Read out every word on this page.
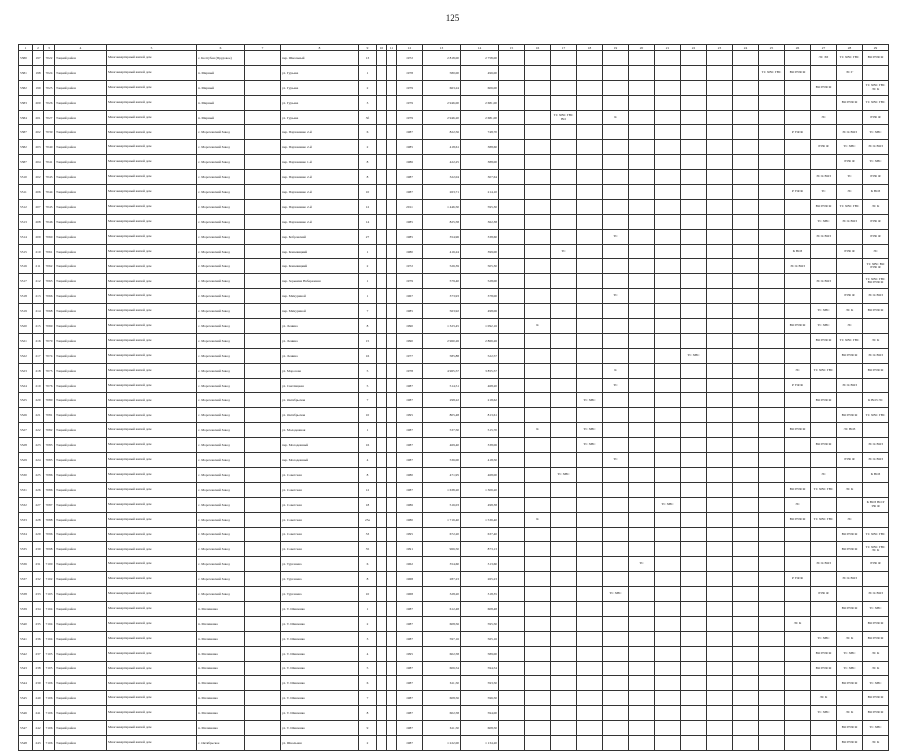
125
1	2	3	4	5	6	7	8	9	10	11	12	13	14	15	16	17	18	19	20	21	22	23	24	25	26	27	28	29
5580	197	7022	Тоцкий район	Многоквартирный жилой дом	с. Колтубан (Прудовое)		пер. Школьный	13			1972	2 818,00	2 758,00													ЭС ЭЛ	ТС ХВС ГВС	ВО РУФ Ф
5581	198	7024	Тоцкий район	Многоквартирный жилой дом	п. Мирный		ул. Гурьева	1			1978	580,00	496,00											ТС ХВС ГВС	ВО РУФ Ф		ЭС Г	
5582	199	7025	Тоцкий район	Многоквартирный жилой дом	п. Мирный		ул. Гурьева	2			1979	663,24	606,00													ВО РУФ Ф		ТС ХВС ГВС ЭС К
5583	200	7026	Тоцкий район	Многоквартирный жилой дом	п. Мирный		ул. Гурьева	3			1979	2 946,00	2 681,00														ВО РУФ Ф	ТС ХВС ГВС
5584	201	7027	Тоцкий район	Многоквартирный жилой дом	п. Мирный		ул. Гурьева	3б			1979	2 946,20	2 681,00			ТС ХВС ГВС ВО		К								ЭС		РУФ Ф
5587	202	7039	Тоцкий район	Многоквартирный жилой дом	с. Мороховский Завод		пер. Пархоменко 2-й	6			1987	822,56	748,70												Р УФ Ф		ЭС К ВОЗ	ТС ХВС
5582	203	7040	Тоцкий район	Многоквартирный жилой дом	с. Мороховский Завод		пер. Пархоменко 2-й	2			1985	418,61	388,60													РУФ Ф	ТС ХВС	ЭС К ВОЗ
5587	204	7041	Тоцкий район	Многоквартирный жилой дом	с. Мороховский Завод		пер. Пархоменко 1-й	8			1986	422,25	388,00														РУФ Ф	ТС ХВС
5510	202	7043	Тоцкий район	Многоквартирный жилой дом	с. Мороховский Завод		пер. Пархоменко 2-й	8			1987	322,04	307,64													ЭС К ВОЗ	ТС	РУФ Ф
5511	206	7044	Тоцкий район	Многоквартирный жилой дом	с. Мороховский Завод		пер. Пархоменко 2-й	10			1987	263,71	214,10												Р УФ Ф	ТС	ЭС	К ВОЗ
5512	207	7045	Тоцкий район	Многоквартирный жилой дом	с. Мороховский Завод		пер. Пархоменко 2-й	12			2011	1 446,50	595,30													ВО РУФ Ф	ТС ХВС ГВС	ЭС К
5513	208	7046	Тоцкий район	Многоквартирный жилой дом	с. Мороховский Завод		пер. Пархоменко 2-й	14			1985	825,58	362,38													ТС ХВС	ЭС К ВОЗ	РУФ Ф
5514	209	7060	Тоцкий район	Многоквартирный жилой дом	с. Мороховский Завод		пер. Бобровский	27			1985	354,96	338,60					ТС								ЭС К ВОЗ		РУФ Ф
5515	210	7061	Тоцкий район	Многоквартирный жилой дом	с. Мороховский Завод		пер. Кошевицкий	1			1980	416,24	399,00			ТС									К ВОЗ		РУФ Ф	ЭС
5516	211	7062	Тоцкий район	Многоквартирный жилой дом	с. Мороховский Завод		пер. Кошевицкий	2			1972	526,39	505,30												ЭС К ВОЗ			ТС ХВС ВО РУФ Ф
5517	212	7063	Тоцкий район	Многоквартирный жилой дом	с. Мороховский Завод		пер. Зорькина Набережная	1			1979	579,40	528,00													ЭС К ВОЗ		ТС ХВС ГВС ВО РУФ Ф
5518	213	7066	Тоцкий район	Многоквартирный жилой дом	с. Мороховский Завод		пер. Мичуриной	1			1967	373,93	378,00					ТС									РУФ Ф	ЭС К ВОЗ
5519	214	7068	Тоцкий район	Многоквартирный жилой дом	с. Мороховский Завод		пер. Мичуриной	7			1985	563,92	498,06													ТС ХВС	ЭС К	ВО РУФ Ф
5520	215	7069	Тоцкий район	Многоквартирный жилой дом	с. Мороховский Завод		ул. Ленина	8			1990	1 323,45	1 092,16		К										ВО РУФ Ф	ТС ХВС	ЭС	
5521	216	7070	Тоцкий район	Многоквартирный жилой дом	с. Мороховский Завод		ул. Ленина	15			1990	2 960,26	2 869,26													ВО РУФ Ф	ТС ХВС ГВС	ЭС К
5522	217	7074	Тоцкий район	Многоквартирный жилой дом	с. Мороховский Завод		ул. Ленина	16			1977	585,88	522,57								ТС ХВС						ВО РУФ Ф	ЭС К ВОЗ
5523	218	7075	Тоцкий район	Многоквартирный жилой дом	с. Мороховский Завод		ул. Морозова	5			1978	4 965,57	3 855,57					К							ЭС	ТС ХВС ГВС		ВО РУФ Ф
5524	219	7076	Тоцкий район	Многоквартирный жилой дом	с. Мороховский Завод		ул. Светлицкая	5			1987	514,51	468,20					ТС							Р УФ Ф		ЭС К ВОЗ	
5525	220	7080	Тоцкий район	Многоквартирный жилой дом	с. Мороховский Завод		ул. Октябрьская	7			1987	298,22	218,62				ТС ХВС									ВО РУФ Ф		К ВОЗ ЭС
5526	221	7081	Тоцкий район	Многоквартирный жилой дом	с. Мороховский Завод		ул. Октябрьская	10			1995	805,48	813,61														ВО РУФ Ф	ТС ХВС ГВС
5527	222	7082	Тоцкий район	Многоквартирный жилой дом	с. Мороховский Завод		ул. Молодежная	1			1987	537,50	515,70		К		ТС ХВС								ВО РУФ Ф		ЭС ВОЗ	
5528	223	7083	Тоцкий район	Многоквартирный жилой дом	с. Мороховский Завод		пер. Молодежный	16			1987	469,40	338,06				ТС ХВС									ВО РУФ Ф		ЭС К ВОЗ
5529	224	7085	Тоцкий район	Многоквартирный жилой дом	с. Мороховский Завод		пер. Молодежный	4			1987	536,00	418,50					ТС									РУФ Ф	ЭС К ВОЗ
5530	225	7086	Тоцкий район	Многоквартирный жилой дом	с. Мороховский Завод		ул. Советская	8			1980	471,95	468,00			ТС ХВС										ЭС		К ВОЗ
5531	226	7086	Тоцкий район	Многоквартирный жилой дом	с. Мороховский Завод		ул. Советская	12			1987	1 638,20	1 309,20												ВО РУФ Ф	ТС ХВС ГВС	ЭС К	
5532	227	7087	Тоцкий район	Многоквартирный жилой дом	с. Мороховский Завод		ул. Советская	18			1986	516,03	498,38							ТС ХВС					ЭС			К ВОЗ ВО Р УФ Ф
5533	228	7088	Тоцкий район	Многоквартирный жилой дом	с. Мороховский Завод		ул. Советская	25а			1980	1 719,40	1 539,40		К										ВО РУФ Ф	ТС ХВС ГВС	ЭС	
5534	229	7096	Тоцкий район	Многоквартирный жилой дом	с. Мороховский Завод		ул. Советская	33			1995	672,20	637,40														ВО РУФ Ф	ТС ХВС ГВС
5535	230	7098	Тоцкий район	Многоквартирный жилой дом	с. Мороховский Завод		ул. Советская	35			1991	966,50	873,13														ВО РУФ Ф	ТС ХВС ГВС ЭС К
5536	231	7100	Тоцкий район	Многоквартирный жилой дом	с. Мороховский Завод		ул. Тургенева	6			1962	354,60	313,60						ТС							ЭС К ВОЗ		РУФ Ф
5537	232	7102	Тоцкий район	Многоквартирный жилой дом	с. Мороховский Завод		ул. Тургенева	8			1968	287,23	265,23												Р УФ Ф		ЭС К ВОЗ	
5538	233	7103	Тоцкий район	Многоквартирный жилой дом	с. Мороховский Завод		ул. Тургенева	10			1968	328,20	318,35					ТС ХВС								РУФ Ф		ЭС К ВОЗ
5539	234	7104	Тоцкий район	Многоквартирный жилой дом	п. Малиновка		ул. Т. Шевченко	1			1987	612,48	608,48														ВО РУФ Ф	ТС ХВС
5540	235	7104	Тоцкий район	Многоквартирный жилой дом	п. Малиновка		ул. Т. Шевченко	2			1987	608,56	595,50												ЭС К			ВО РУФ Ф
5541	236	7104	Тоцкий район	Многоквартирный жилой дом	п. Малиновка		ул. Т. Шевченко	3			1987	597,16	565,16													ТС ХВС	ЭС К	ВО РУФ Ф
5542	237	7105	Тоцкий район	Многоквартирный жилой дом	п. Малиновка		ул. Т. Шевченко	4			1995	602,58	589,00													ВО РУФ Ф	ТС ХВС	ЭС К
5543	238	7105	Тоцкий район	Многоквартирный жилой дом	п. Малиновка		ул. Т. Шевченко	5			1987	606,54	594,54													ВО РУФ Ф	ТС ХВС	ЭС К
5544	239	7106	Тоцкий район	Многоквартирный жилой дом	п. Малиновка		ул. Т. Шевченко	6			1987	611,50	593,50														ВО РУФ Ф	ТС ХВС
5545	240	7106	Тоцкий район	Многоквартирный жилой дом	п. Малиновка		ул. Т. Шевченко	7			1987	608,56	596,50													ЭС К		ВО РУФ Ф
5546	241	7106	Тоцкий район	Многоквартирный жилой дом	п. Малиновка		ул. Т. Шевченко	8			1987	602,58	594,00													ТС ХВС	ЭС К	ВО РУФ Ф
5547	242	7106	Тоцкий район	Многоквартирный жилой дом	п. Малиновка		ул. Т. Шевченко	9			1987	611,50	608,50														ВО РУФ Ф	ТС ХВС
5548	243	7106	Тоцкий район	Многоквартирный жилой дом	с. Октябрьское		ул. Школьная	2			1987	1 222,00	1 134,20														ВО РУФ Ф	ЭС К
